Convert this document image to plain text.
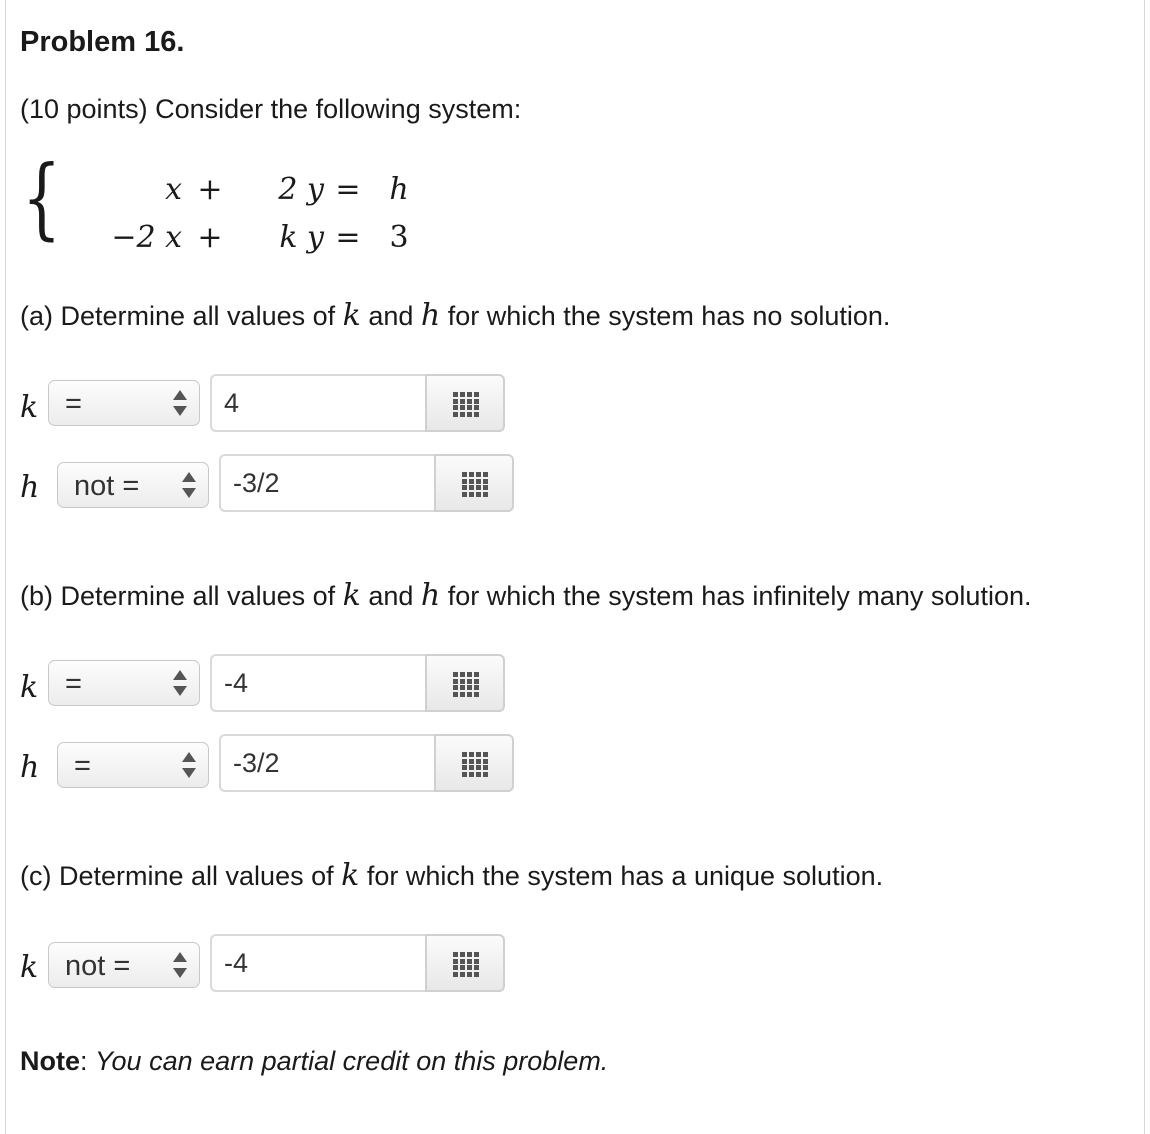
Problem 16.
(10 points) Consider the following system:
{	x +	2 y = h
−2 x +	k y = 3
(a) Determine all values of k and h for which the system has no solution.
k =	4
h not =	-3/2
(b) Determine all values of k and h for which the system has infinitely many solution.
k =	-4
h =	-3/2
(c) Determine all values of k for which the system has a unique solution.
k not =	-4
Note: You can earn partial credit on this problem.
